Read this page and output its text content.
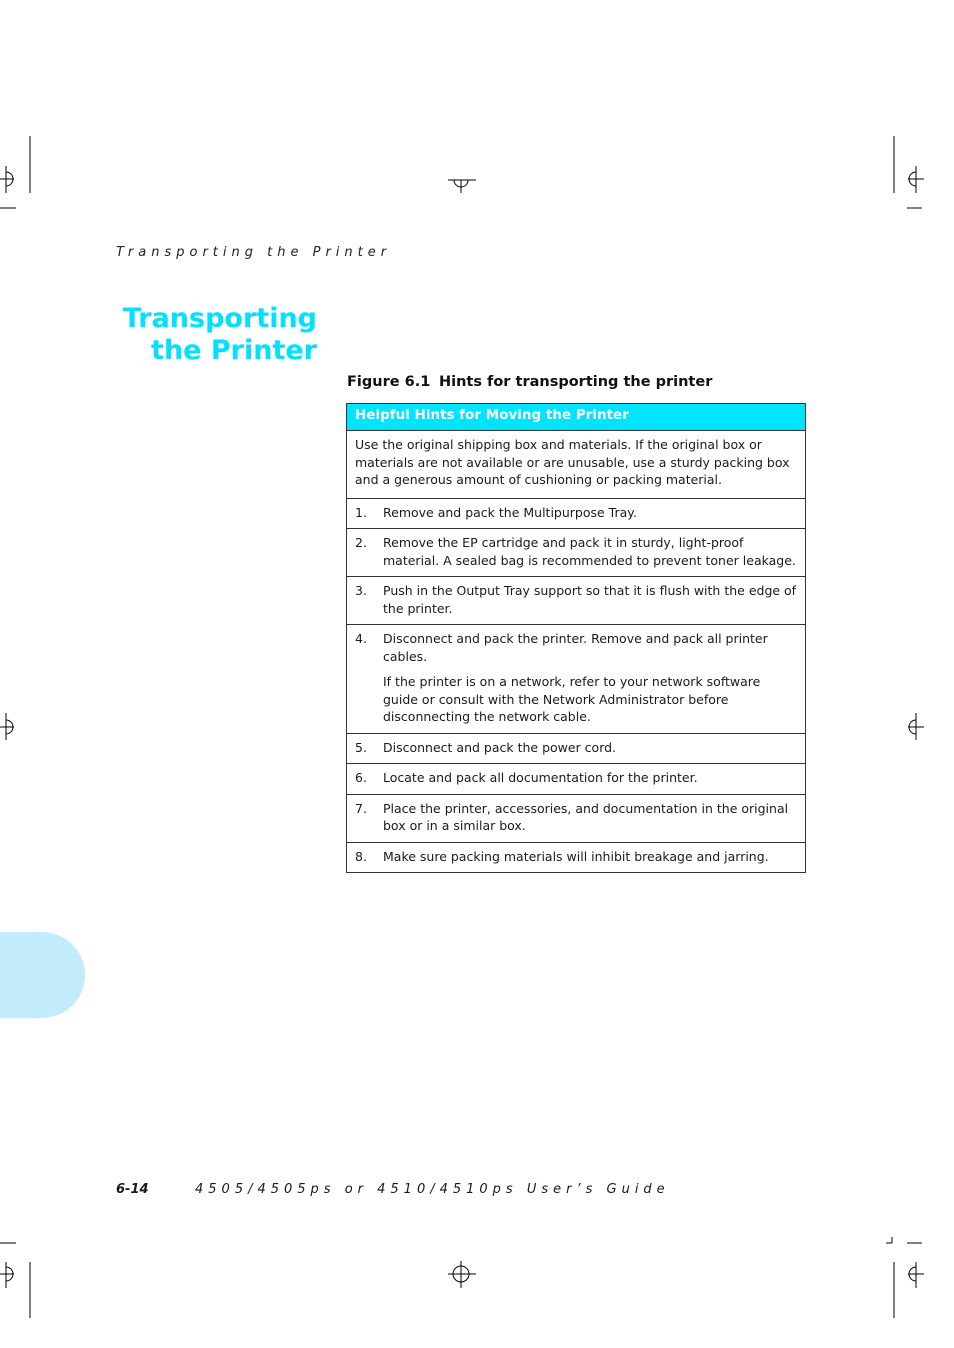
Transporting the Printer
Transporting
the Printer
Figure 6.1 Hints for transporting the printer
Helpful Hints for Moving the Printer
Use the original shipping box and materials. If the original box or materials are not available or are unusable, use a sturdy packing box and a generous amount of cushioning or packing material.
1.	Remove and pack the Multipurpose Tray.
2.	Remove the EP cartridge and pack it in sturdy, light-proof material. A sealed bag is recommended to prevent toner leakage.
3.	Push in the Output Tray support so that it is flush with the edge of the printer.
4.	Disconnect and pack the printer. Remove and pack all printer cables.
If the printer is on a network, refer to your network software guide or consult with the Network Administrator before disconnecting the network cable.
5.	Disconnect and pack the power cord.
6.	Locate and pack all documentation for the printer.
7.	Place the printer, accessories, and documentation in the original box or in a similar box.
8.	Make sure packing materials will inhibit breakage and jarring.
6-14	4505/4505ps or 4510/4510ps User’s Guide
